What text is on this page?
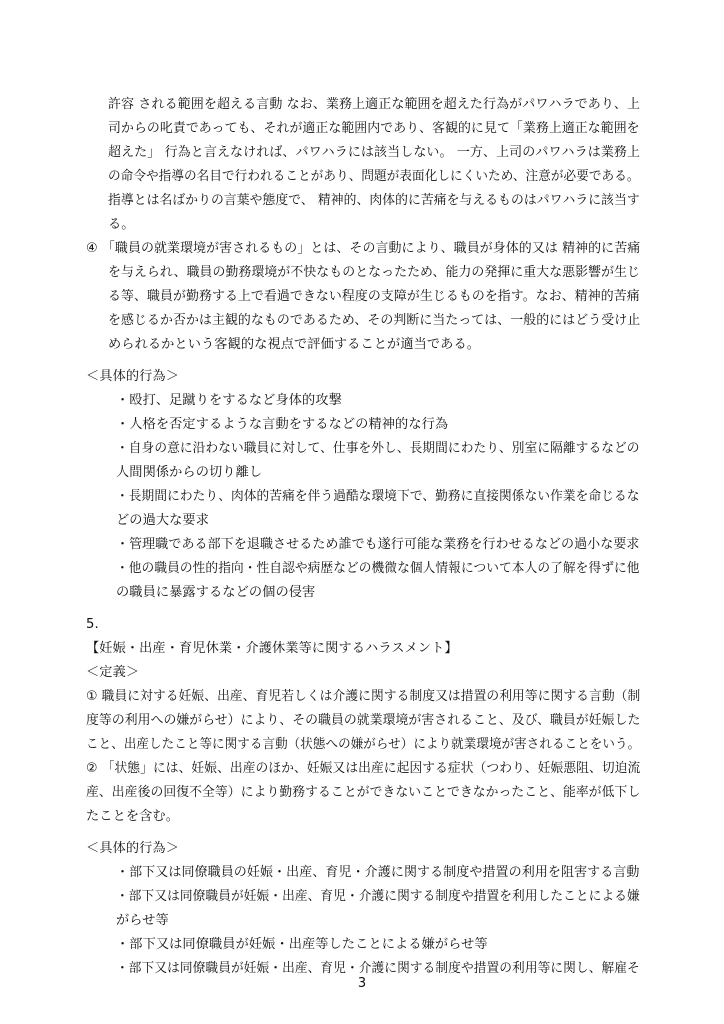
許容 される範囲を超える言動 なお、業務上適正な範囲を超えた行為がパワハラであり、上
司からの叱責であっても、それが適正な範囲内であり、客観的に見て「業務上適正な範囲を
超えた」 行為と言えなければ、パワハラには該当しない。 一方、上司のパワハラは業務上
の命令や指導の名目で行われることがあり、問題が表面化しにくいため、注意が必要である。
指導とは名ばかりの言葉や態度で、 精神的、肉体的に苦痛を与えるものはパワハラに該当す
る。
④ 「職員の就業環境が害されるもの」とは、その言動により、職員が身体的又は 精神的に苦痛
を与えられ、職員の勤務環境が不快なものとなったため、能力の発揮に重大な悪影響が生じ
る等、職員が勤務する上で看過できない程度の支障が生じるものを指す。なお、精神的苦痛
を感じるか否かは主観的なものであるため、その判断に当たっては、一般的にはどう受け止
められるかという客観的な視点で評価することが適当である。
＜具体的行為＞
・殴打、足蹴りをするなど身体的攻撃
・人格を否定するような言動をするなどの精神的な行為
・自身の意に沿わない職員に対して、仕事を外し、長期間にわたり、別室に隔離するなどの
人間関係からの切り離し
・長期間にわたり、肉体的苦痛を伴う過酷な環境下で、勤務に直接関係ない作業を命じるな
どの過大な要求
・管理職である部下を退職させるため誰でも遂行可能な業務を行わせるなどの過小な要求
・他の職員の性的指向・性自認や病歴などの機微な個人情報について本人の了解を得ずに他
の職員に暴露するなどの個の侵害
5.
【妊娠・出産・育児休業・介護休業等に関するハラスメント】
＜定義＞
① 職員に対する妊娠、出産、育児若しくは介護に関する制度又は措置の利用等に関する言動（制
度等の利用への嫌がらせ）により、その職員の就業環境が害されること、及び、職員が妊娠した
こと、出産したこと等に関する言動（状態への嫌がらせ）により就業環境が害されることをいう。
② 「状態」には、妊娠、出産のほか、妊娠又は出産に起因する症状（つわり、妊娠悪阻、切迫流
産、出産後の回復不全等）により勤務することができないことできなかったこと、能率が低下し
たことを含む。
＜具体的行為＞
・部下又は同僚職員の妊娠・出産、育児・介護に関する制度や措置の利用を阻害する言動
・部下又は同僚職員が妊娠・出産、育児・介護に関する制度や措置を利用したことによる嫌
がらせ等
・部下又は同僚職員が妊娠・出産等したことによる嫌がらせ等
・部下又は同僚職員が妊娠・出産、育児・介護に関する制度や措置の利用等に関し、解雇そ
3
